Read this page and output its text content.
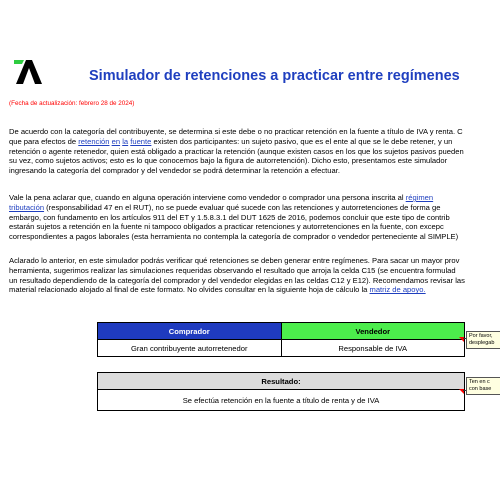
Simulador de retenciones a practicar entre regímenes
(Fecha de actualización: febrero 28 de 2024)
De acuerdo con la categoría del contribuyente, se determina si este debe o no practicar retención en la fuente a título de IVA y renta. C
que para efectos de retención en la fuente existen dos participantes: un sujeto pasivo, que es el ente al que se le debe retener, y un
retención o agente retenedor, quien está obligado a practicar la retención (aunque existen casos en los que los sujetos pasivos pueden
su vez, como sujetos activos; esto es lo que conocemos bajo la figura de autorretención). Dicho esto, presentamos este simulador
ingresando la categoría del comprador y del vendedor se podrá determinar la retención a efectuar.
Vale la pena aclarar que, cuando en alguna operación interviene como vendedor o comprador una persona inscrita al régimen
tributación (responsabilidad 47 en el RUT), no se puede evaluar qué sucede con las retenciones y autorretenciones de forma ge
embargo, con fundamento en los artículos 911 del ET y 1.5.8.3.1 del DUT 1625 de 2016, podemos concluir que este tipo de contrib
estarán sujetos a retención en la fuente ni tampoco obligados a practicar retenciones y autorretenciones en la fuente, con excepc
correspondientes a pagos laborales (esta herramienta no contempla la categoría de comprador o vendedor perteneciente al SIMPLE)
Aclarado lo anterior, en este simulador podrás verificar qué retenciones se deben generar entre regímenes. Para sacar un mayor prov
herramienta, sugerimos realizar las simulaciones requeridas observando el resultado que arroja la celda C15 (se encuentra formulad
un resultado dependiendo de la categoría del comprador y del vendedor elegidas en las celdas C12 y E12). Recomendamos revisar las
material relacionado alojado al final de este formato. No olvides consultar en la siguiente hoja de cálculo la matriz de apoyo.
Comprador	Vendedor
Gran contribuyente autorretenedor	Responsable de IVA
Por favor,
desplegab
Resultado:
Se efectúa retención en la fuente a título de renta y de IVA
Ten en c
con base
